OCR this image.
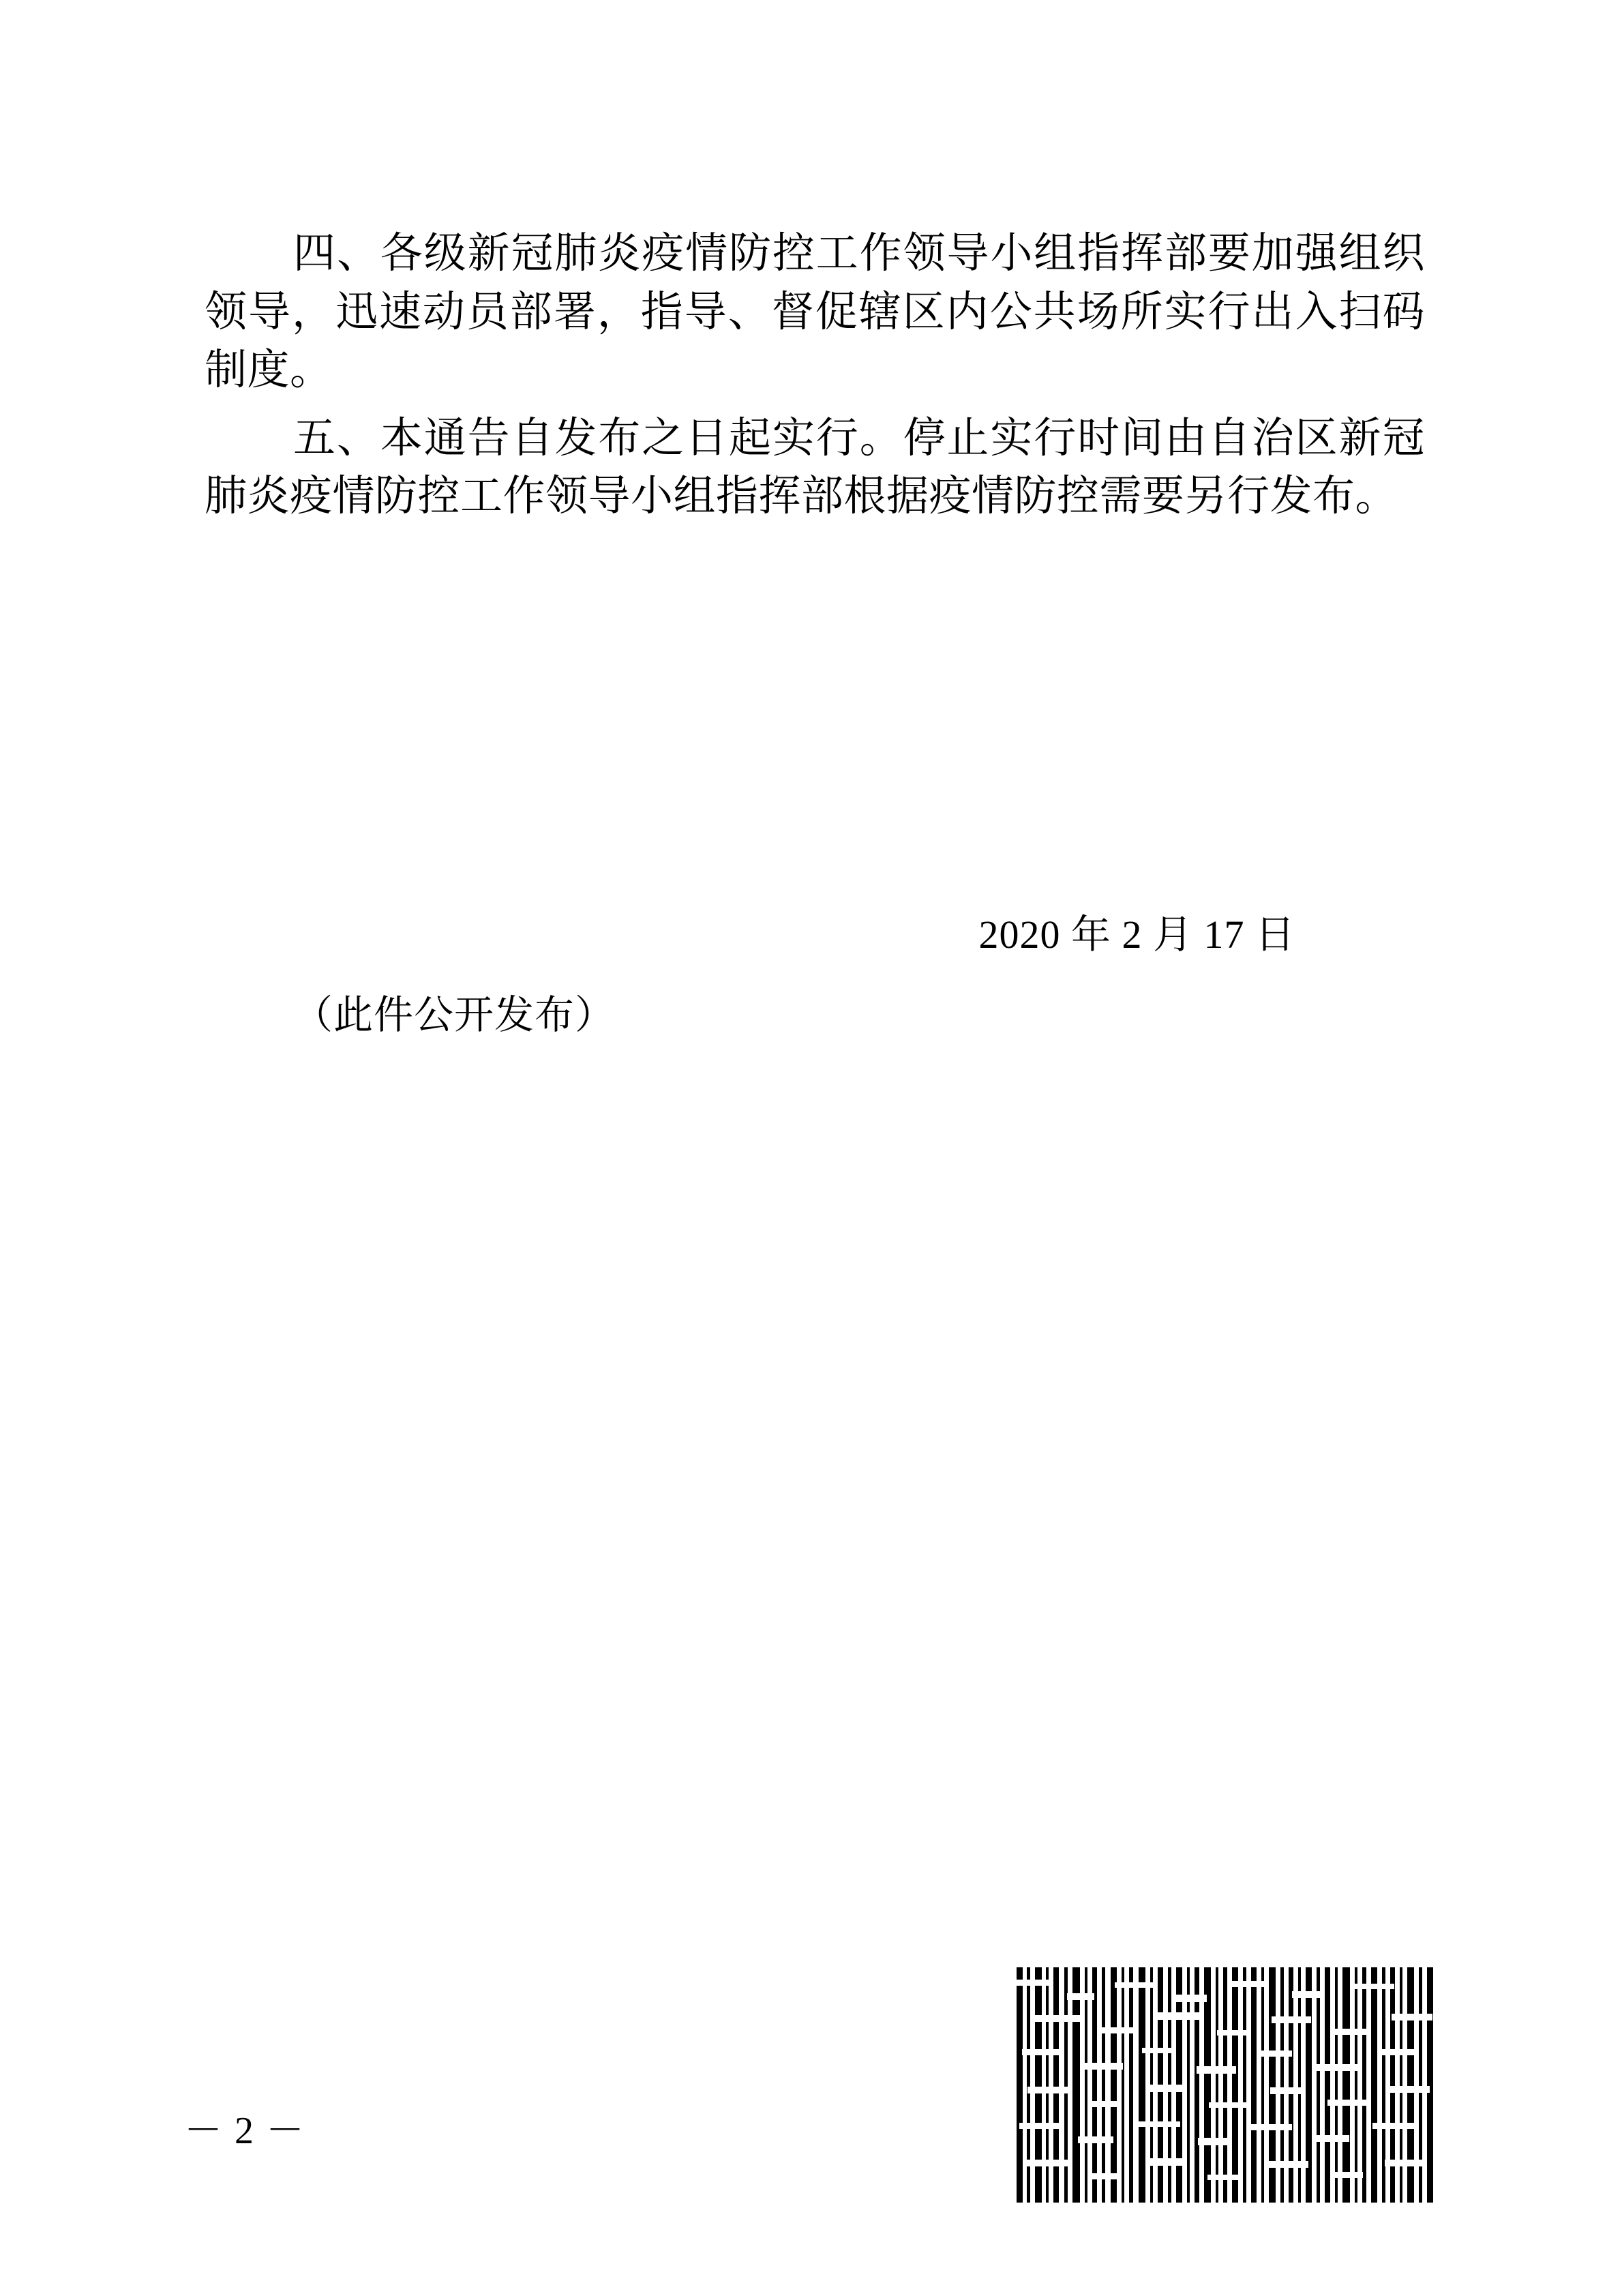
四、各级新冠肺炎疫情防控工作领导小组指挥部要加强组织领导，迅速动员部署，指导、督促辖区内公共场所实行出入扫码制度。

五、本通告自发布之日起实行。停止实行时间由自治区新冠肺炎疫情防控工作领导小组指挥部根据疫情防控需要另行发布。

2020 年 2 月 17 日
（此件公开发布）
－ 2 －
